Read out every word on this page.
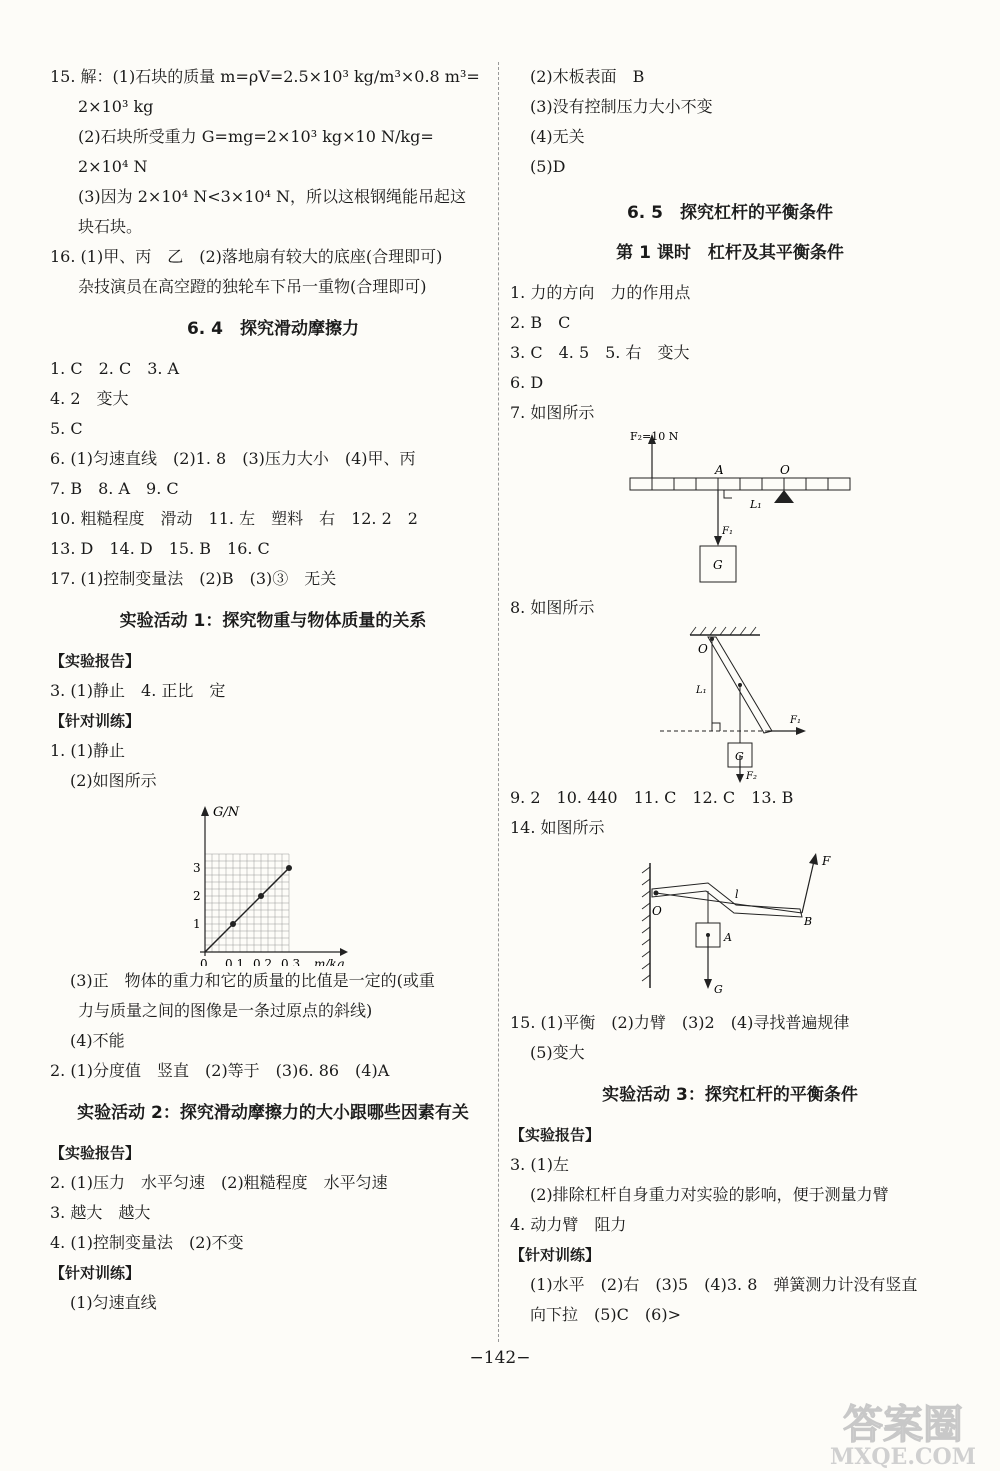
15. 解：(1)石块的质量 m=ρV=2.5×10³ kg/m³×0.8 m³=
2×10³ kg
(2)石块所受重力 G=mg=2×10³ kg×10 N/kg=
2×10⁴ N
(3)因为 2×10⁴ N<3×10⁴ N，所以这根钢绳能吊起这
块石块。
16. (1)甲、丙　乙　(2)落地扇有较大的底座(合理即可)
杂技演员在高空蹬的独轮车下吊一重物(合理即可)
6. 4　探究滑动摩擦力
1. C　2. C　3. A
4. 2　变大
5. C
6. (1)匀速直线　(2)1. 8　(3)压力大小　(4)甲、丙
7. B　8. A　9. C
10. 粗糙程度　滑动　11. 左　塑料　右　12. 2　2
13. D　14. D　15. B　16. C
17. (1)控制变量法　(2)B　(3)③　无关
实验活动 1：探究物重与物体质量的关系
【实验报告】
3. (1)静止　4. 正比　定
【针对训练】
1. (1)静止
(2)如图所示
G/N
m/kg
0 0.1 0.2 0.3
1
2
3
(3)正　物体的重力和它的质量的比值是一定的(或重
力与质量之间的图像是一条过原点的斜线)
(4)不能
2. (1)分度值　竖直　(2)等于　(3)6. 86　(4)A
实验活动 2：探究滑动摩擦力的大小跟哪些因素有关
【实验报告】
2. (1)压力　水平匀速　(2)粗糙程度　水平匀速
3. 越大　越大
4. (1)控制变量法　(2)不变
【针对训练】
(1)匀速直线
(2)木板表面　B
(3)没有控制压力大小不变
(4)无关
(5)D
6. 5　探究杠杆的平衡条件
第 1 课时　杠杆及其平衡条件
1. 力的方向　力的作用点
2. B　C
3. C　4. 5　5. 右　变大
6. D
7. 如图所示
F₂=10 N
A	O
F₁
L₁
G
8. 如图所示
O
L₁
F₁
G
F₂
9. 2　10. 440　11. C　12. C　13. B
14. 如图所示
O
l
F
B
A
G
15. (1)平衡　(2)力臂　(3)2　(4)寻找普遍规律
(5)变大
实验活动 3：探究杠杆的平衡条件
【实验报告】
3. (1)左
(2)排除杠杆自身重力对实验的影响，便于测量力臂
4. 动力臂　阻力
【针对训练】
(1)水平　(2)右　(3)5　(4)3. 8　弹簧测力计没有竖直
向下拉　(5)C　(6)>
−142−
答案圈
MXQE.COM
